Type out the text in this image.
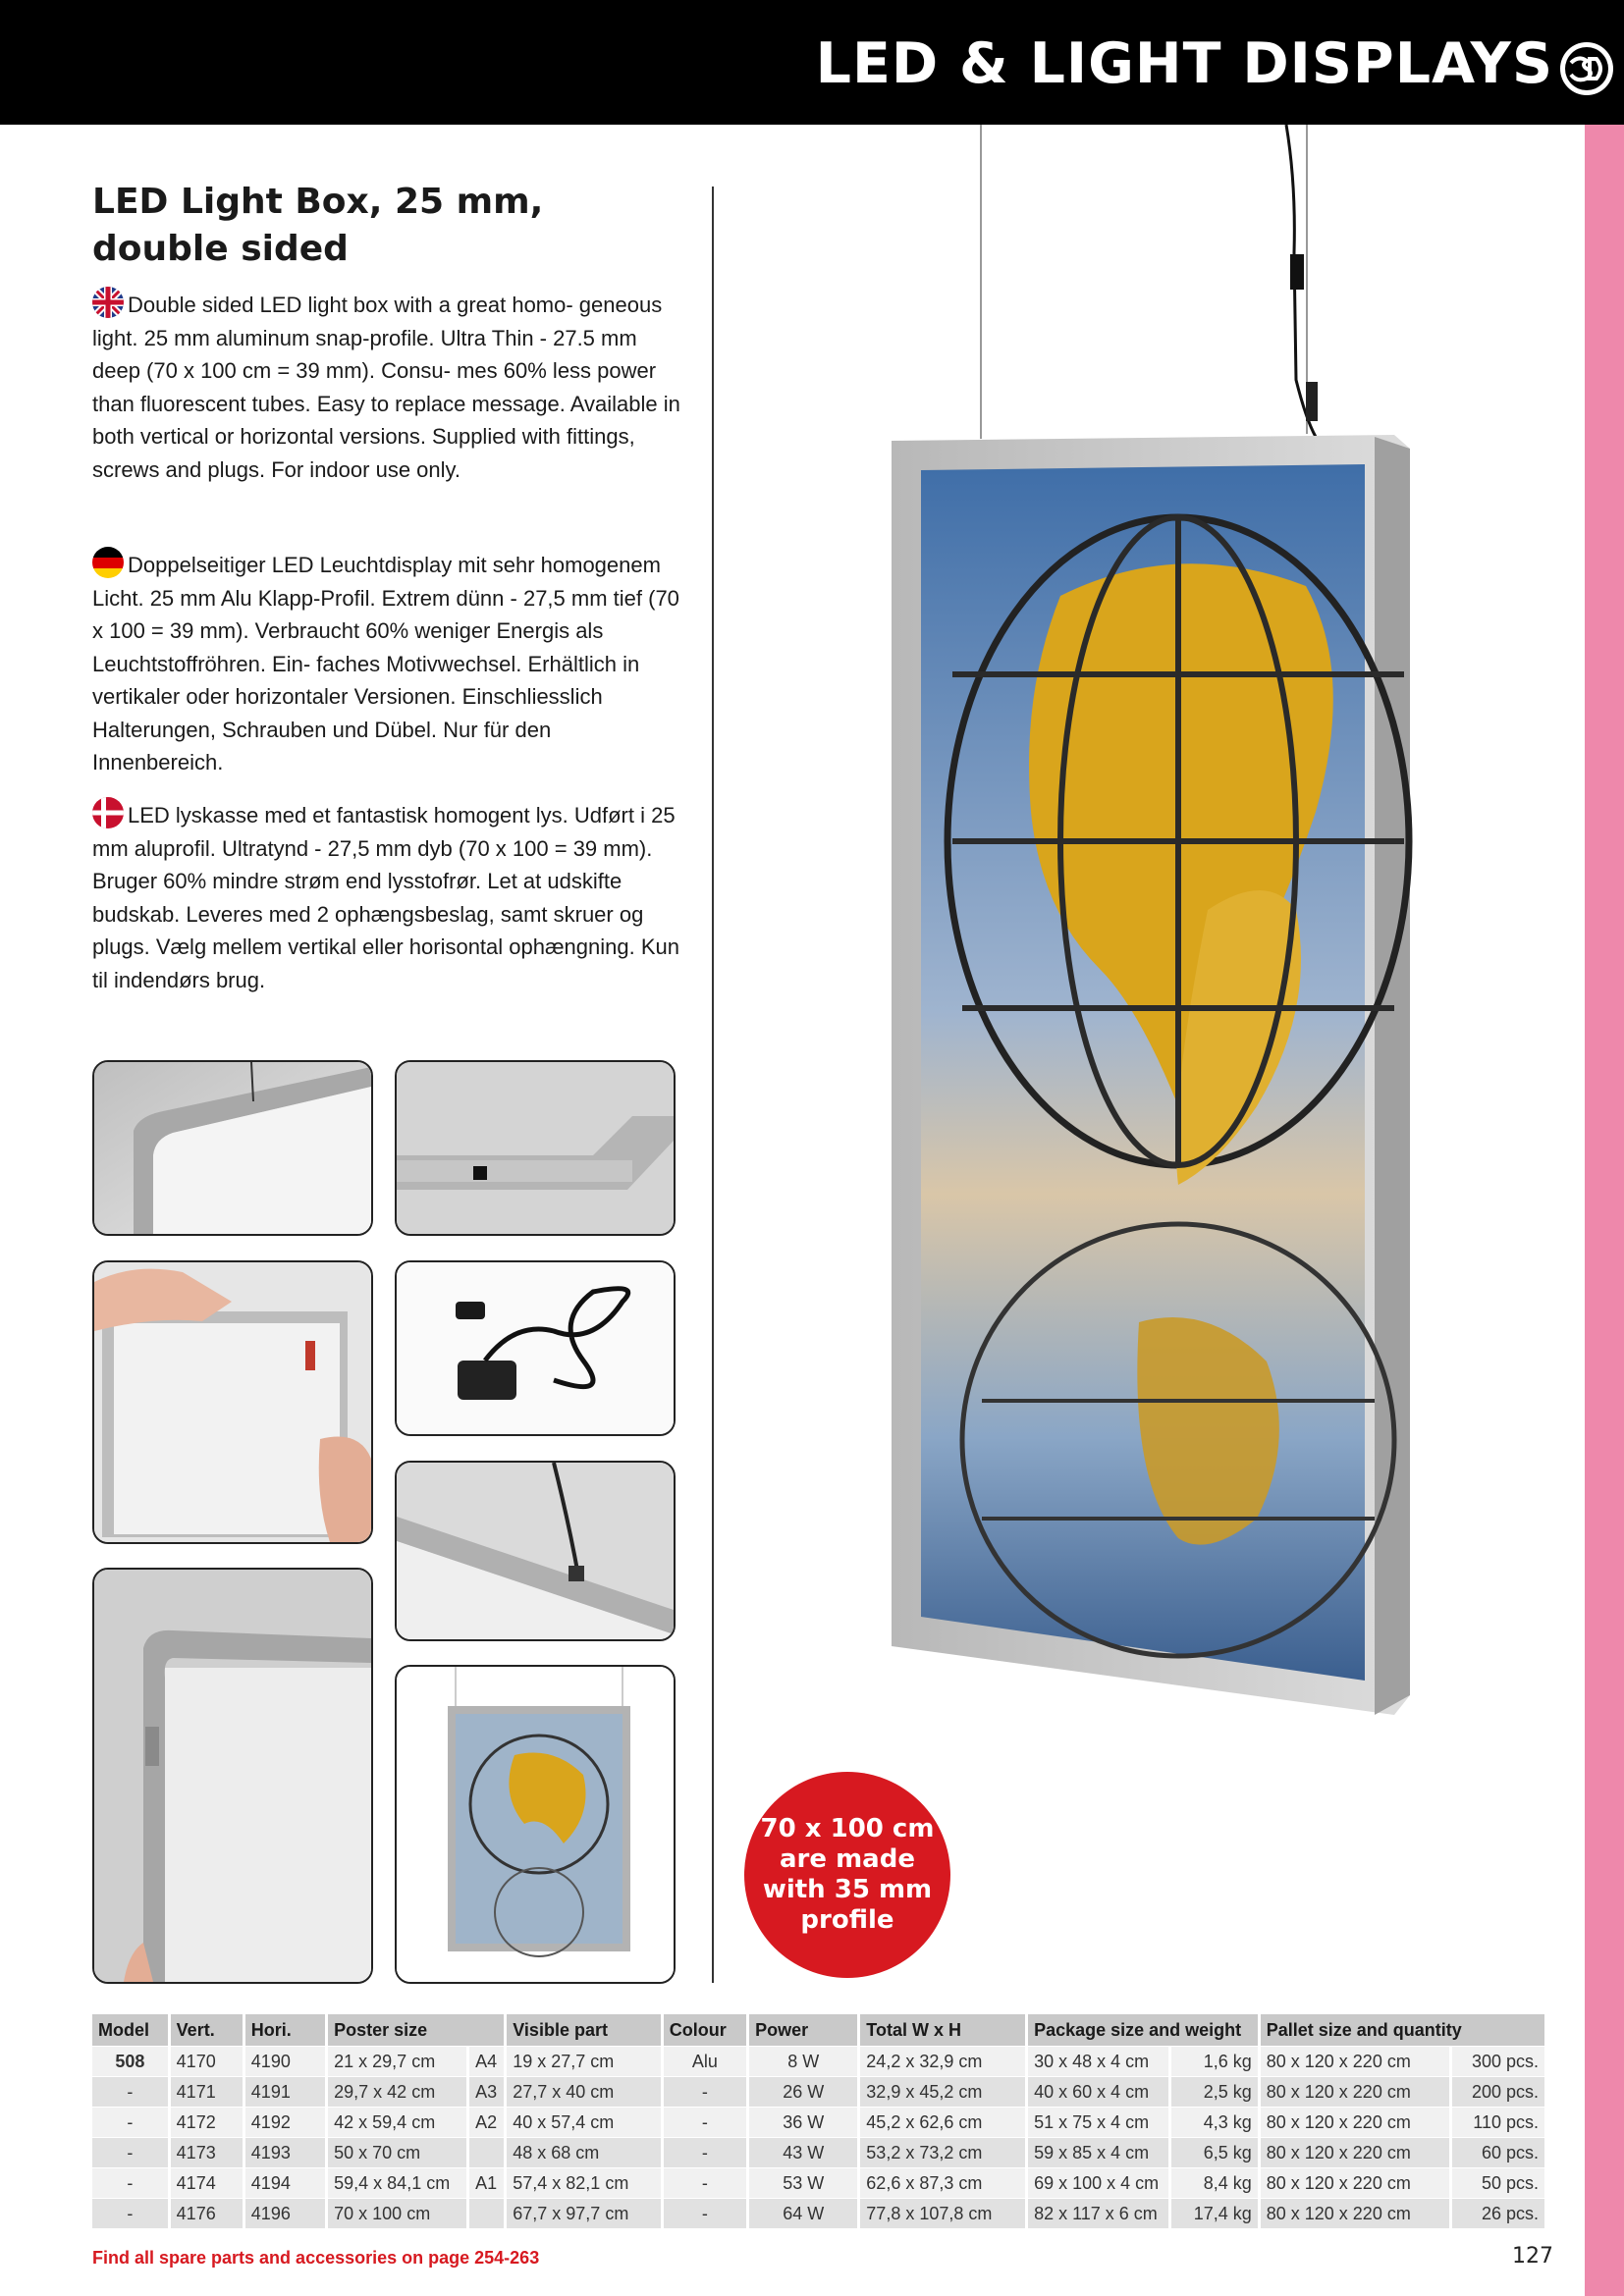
LED & LIGHT DISPLAYS
LED Light Box, 25 mm,
double sided
Double sided LED light box with a great homo- geneous light. 25 mm aluminum snap-profile. Ultra Thin - 27.5 mm deep (70 x 100 cm = 39 mm). Consu- mes 60% less power than fluorescent tubes. Easy to replace message. Available in both vertical or horizontal versions. Supplied with fittings, screws and plugs. For indoor use only.
Doppelseitiger LED Leuchtdisplay mit sehr homogenem Licht. 25 mm Alu Klapp-Profil. Extrem dünn - 27,5 mm tief (70 x 100 = 39 mm). Verbraucht 60% weniger Energis als Leuchtstoffröhren. Ein- faches Motivwechsel. Erhältlich in vertikaler oder horizontaler Versionen. Einschliesslich Halterungen, Schrauben und Dübel. Nur für den Innenbereich.
LED lyskasse med et fantastisk homogent lys. Udført i 25 mm aluprofil. Ultratynd - 27,5 mm dyb (70 x 100 = 39 mm). Bruger 60% mindre strøm end lysstofrør. Let at udskifte budskab. Leveres med 2 ophængsbeslag, samt skruer og plugs. Vælg mellem vertikal eller horisontal ophængning. Kun til indendørs brug.
70 x 100 cm
are made
with 35 mm
profile
Model	Vert.	Hori.	Poster size		Visible part	Colour	Power	Total W x H	Package size and weight		Pallet size and quantity	
508	4170	4190	21 x 29,7 cm	A4	19 x 27,7 cm	Alu	8 W	24,2 x 32,9 cm	30 x 48 x 4 cm	1,6 kg	80 x 120 x 220 cm	300 pcs.
-	4171	4191	29,7 x 42 cm	A3	27,7 x 40 cm	-	26 W	32,9 x 45,2 cm	40 x 60 x 4 cm	2,5 kg	80 x 120 x 220 cm	200 pcs.
-	4172	4192	42 x 59,4 cm	A2	40 x 57,4 cm	-	36 W	45,2 x 62,6 cm	51 x 75 x 4 cm	4,3 kg	80 x 120 x 220 cm	110 pcs.
-	4173	4193	50 x 70 cm		48 x 68 cm	-	43 W	53,2 x 73,2 cm	59 x 85 x 4 cm	6,5 kg	80 x 120 x 220 cm	60 pcs.
-	4174	4194	59,4 x 84,1 cm	A1	57,4 x 82,1 cm	-	53 W	62,6 x 87,3 cm	69 x 100 x 4 cm	8,4 kg	80 x 120 x 220 cm	50 pcs.
-	4176	4196	70 x 100 cm		67,7 x 97,7 cm	-	64 W	77,8 x 107,8 cm	82 x 117 x 6 cm	17,4 kg	80 x 120 x 220 cm	26 pcs.
Find all spare parts and accessories on page 254-263	127
